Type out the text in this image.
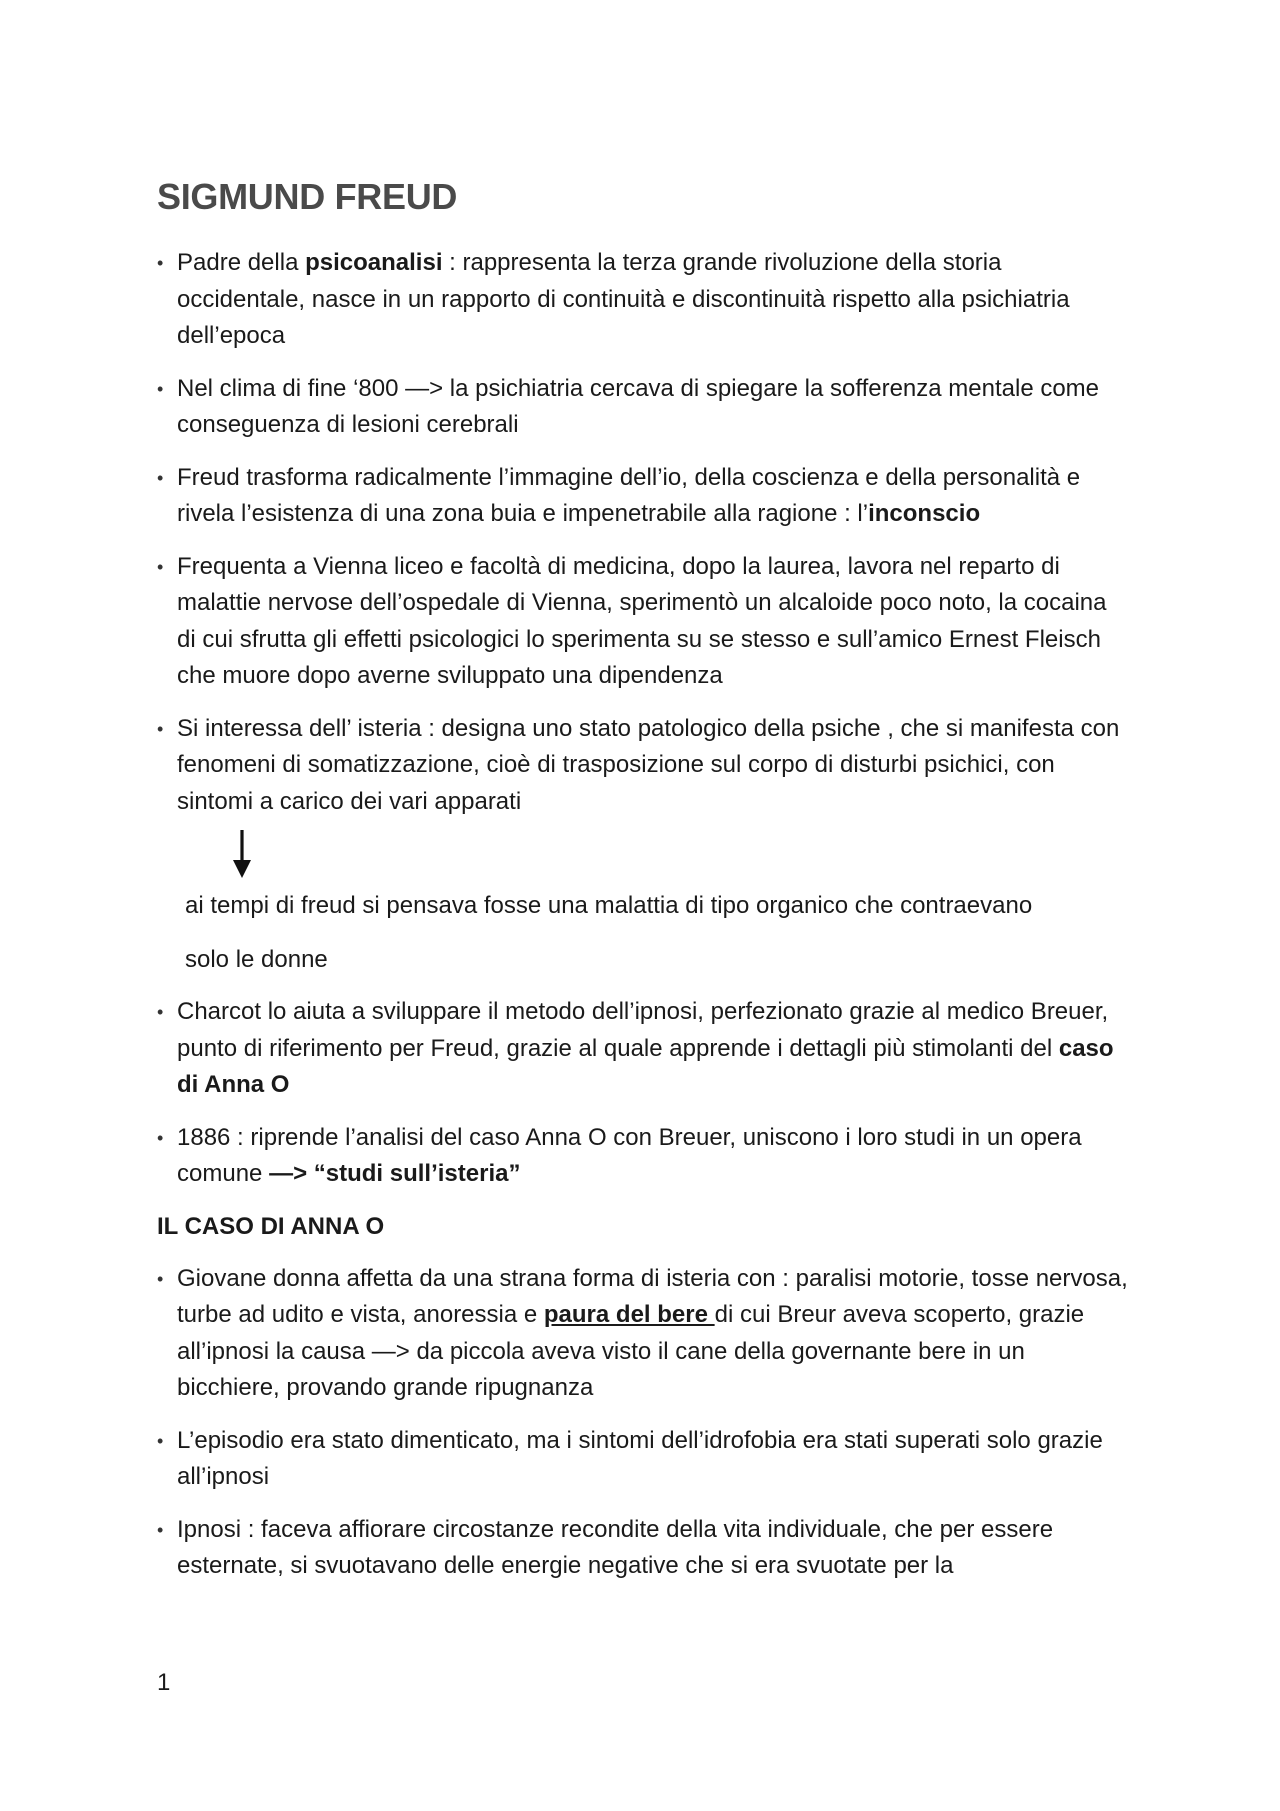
SIGMUND FREUD
• Padre della psicoanalisi : rappresenta la terza grande rivoluzione della storia occidentale, nasce in un rapporto di continuità e discontinuità rispetto alla psichiatria dell’epoca
• Nel clima di fine ‘800 —> la psichiatria cercava di spiegare la sofferenza mentale come conseguenza di lesioni cerebrali
• Freud trasforma radicalmente l’immagine dell’io, della coscienza e della personalità e rivela l’esistenza di una zona buia e impenetrabile alla ragione : l’inconscio
• Frequenta a Vienna liceo e facoltà di medicina, dopo la laurea, lavora nel reparto di malattie nervose dell’ospedale di Vienna, sperimentò un alcaloide poco noto, la cocaina di cui sfrutta gli effetti psicologici lo sperimenta su se stesso e sull’amico Ernest Fleisch che muore dopo averne sviluppato una dipendenza
• Si interessa dell’ isteria : designa uno stato patologico della psiche , che si manifesta con fenomeni di somatizzazione, cioè di trasposizione sul corpo di disturbi psichici, con sintomi a carico dei vari apparati
ai tempi di freud si pensava fosse una malattia di tipo organico che contraevano
solo le donne
• Charcot lo aiuta a sviluppare il metodo dell’ipnosi, perfezionato grazie al medico Breuer, punto di riferimento per Freud, grazie al quale apprende i dettagli più stimolanti del caso di Anna O
• 1886 : riprende l’analisi del caso Anna O con Breuer, uniscono i loro studi in un opera comune —> “studi sull’isteria”
IL CASO DI ANNA O
• Giovane donna affetta da una strana forma di isteria con : paralisi motorie, tosse nervosa, turbe ad udito e vista, anoressia e paura del bere di cui Breur aveva scoperto, grazie all’ipnosi la causa —> da piccola aveva visto il cane della governante bere in un bicchiere, provando grande ripugnanza
• L’episodio era stato dimenticato, ma i sintomi dell’idrofobia era stati superati solo grazie all’ipnosi
• Ipnosi : faceva affiorare circostanze recondite della vita individuale, che per essere esternate, si svuotavano delle energie negative che si era svuotate per la
1
